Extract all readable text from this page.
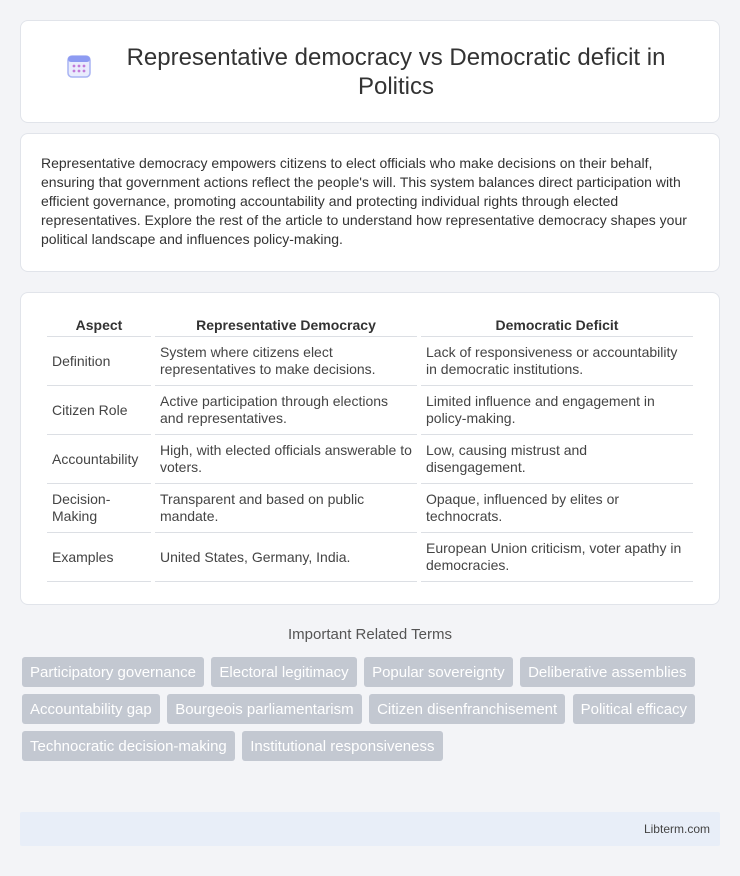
Representative democracy vs Democratic deficit in Politics

Representative democracy empowers citizens to elect officials who make decisions on their behalf, ensuring that government actions reflect the people's will. This system balances direct participation with efficient governance, promoting accountability and protecting individual rights through elected representatives. Explore the rest of the article to understand how representative democracy shapes your political landscape and influences policy-making.

Aspect	Representative Democracy	Democratic Deficit
Definition	System where citizens elect representatives to make decisions.	Lack of responsiveness or accountability in democratic institutions.
Citizen Role	Active participation through elections and representatives.	Limited influence and engagement in policy-making.
Accountability	High, with elected officials answerable to voters.	Low, causing mistrust and disengagement.
Decision-Making	Transparent and based on public mandate.	Opaque, influenced by elites or technocrats.
Examples	United States, Germany, India.	European Union criticism, voter apathy in democracies.
Important Related Terms
Participatory governance Electoral legitimacy Popular sovereignty Deliberative assemblies Accountability gap Bourgeois parliamentarism Citizen disenfranchisement Political efficacy Technocratic decision-making Institutional responsiveness
Libterm.com
